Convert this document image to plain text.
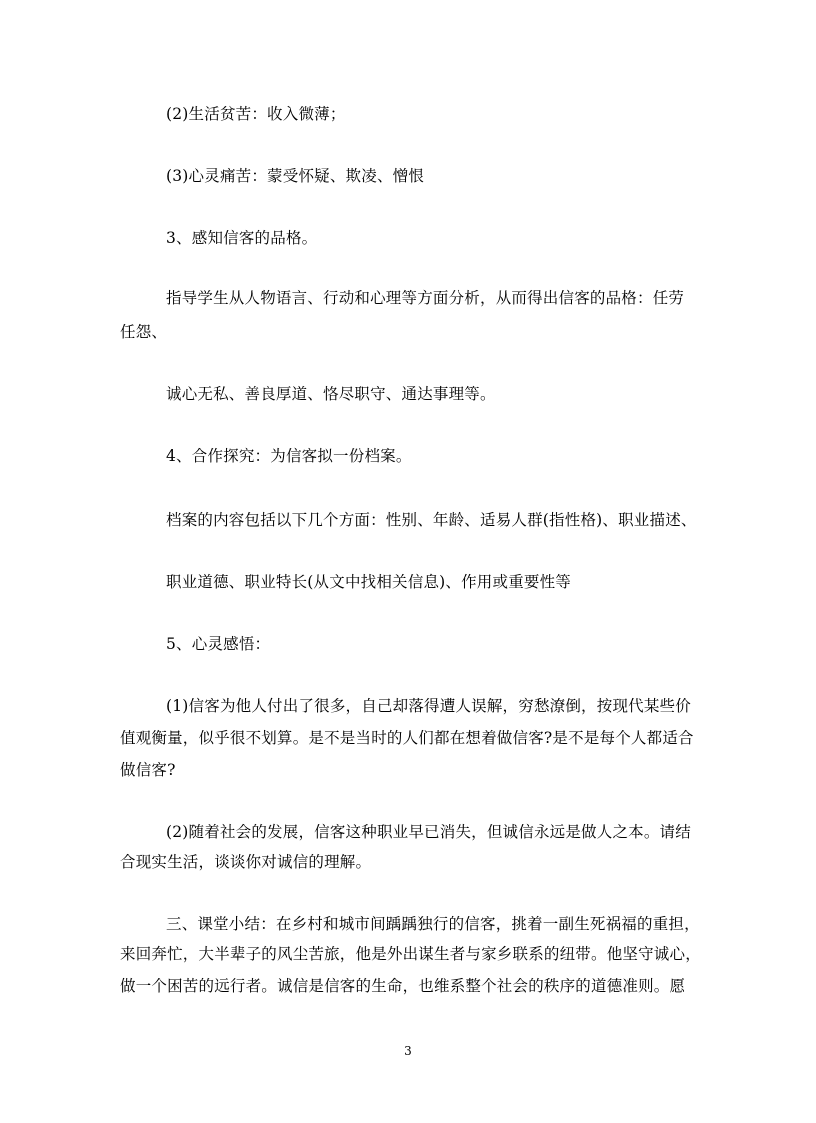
(2)生活贫苦：收入微薄；
(3)心灵痛苦：蒙受怀疑、欺凌、憎恨
3、感知信客的品格。
指导学生从人物语言、行动和心理等方面分析，从而得出信客的品格：任劳
任怨、
诚心无私、善良厚道、恪尽职守、通达事理等。
4、合作探究：为信客拟一份档案。
档案的内容包括以下几个方面：性别、年龄、适易人群(指性格)、职业描述、
职业道德、职业特长(从文中找相关信息)、作用或重要性等
5、心灵感悟：
(1)信客为他人付出了很多，自己却落得遭人误解，穷愁潦倒，按现代某些价
值观衡量，似乎很不划算。是不是当时的人们都在想着做信客?是不是每个人都适合
做信客?
(2)随着社会的发展，信客这种职业早已消失，但诚信永远是做人之本。请结
合现实生活，谈谈你对诚信的理解。
三、课堂小结：在乡村和城市间踽踽独行的信客，挑着一副生死祸福的重担，
来回奔忙，大半辈子的风尘苦旅，他是外出谋生者与家乡联系的纽带。他坚守诚心，
做一个困苦的远行者。诚信是信客的生命，也维系整个社会的秩序的道德准则。愿
3
